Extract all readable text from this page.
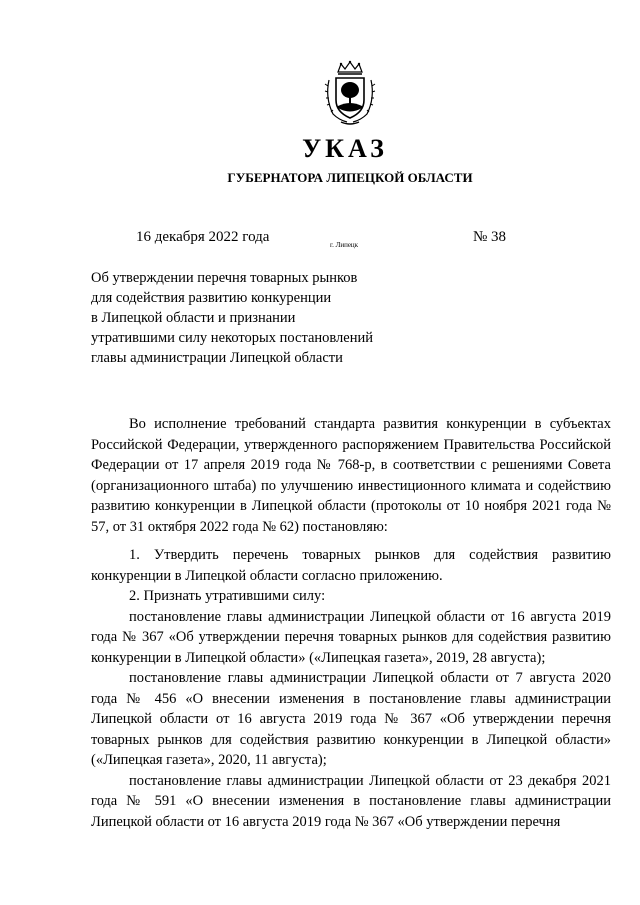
УКАЗ
ГУБЕРНАТОРА ЛИПЕЦКОЙ ОБЛАСТИ
16 декабря 2022 года	г. Липецк	№ 38
Об утверждении перечня товарных рынков
для содействия развитию конкуренции
в Липецкой области и признании
утратившими силу некоторых постановлений
главы администрации Липецкой области

Во исполнение требований стандарта развития конкуренции в субъектах Российской Федерации, утвержденного распоряжением Правительства Российской Федерации от 17 апреля 2019 года № 768-р, в соответствии с решениями Совета (организационного штаба) по улучшению инвестиционного климата и содействию развитию конкуренции в Липецкой области (протоколы от 10 ноября 2021 года № 57, от 31 октября 2022 года № 62) постановляю:

1. Утвердить перечень товарных рынков для содействия развитию конкуренции в Липецкой области согласно приложению.

2. Признать утратившими силу:

постановление главы администрации Липецкой области от 16 августа 2019 года № 367 «Об утверждении перечня товарных рынков для содействия развитию конкуренции в Липецкой области» («Липецкая газета», 2019, 28 августа);

постановление главы администрации Липецкой области от 7 августа 2020 года № 456 «О внесении изменения в постановление главы администрации Липецкой области от 16 августа 2019 года № 367 «Об утверждении перечня товарных рынков для содействия развитию конкуренции в Липецкой области» («Липецкая газета», 2020, 11 августа);

постановление главы администрации Липецкой области от 23 декабря 2021 года № 591 «О внесении изменения в постановление главы администрации Липецкой области от 16 августа 2019 года № 367 «Об утверждении перечня
